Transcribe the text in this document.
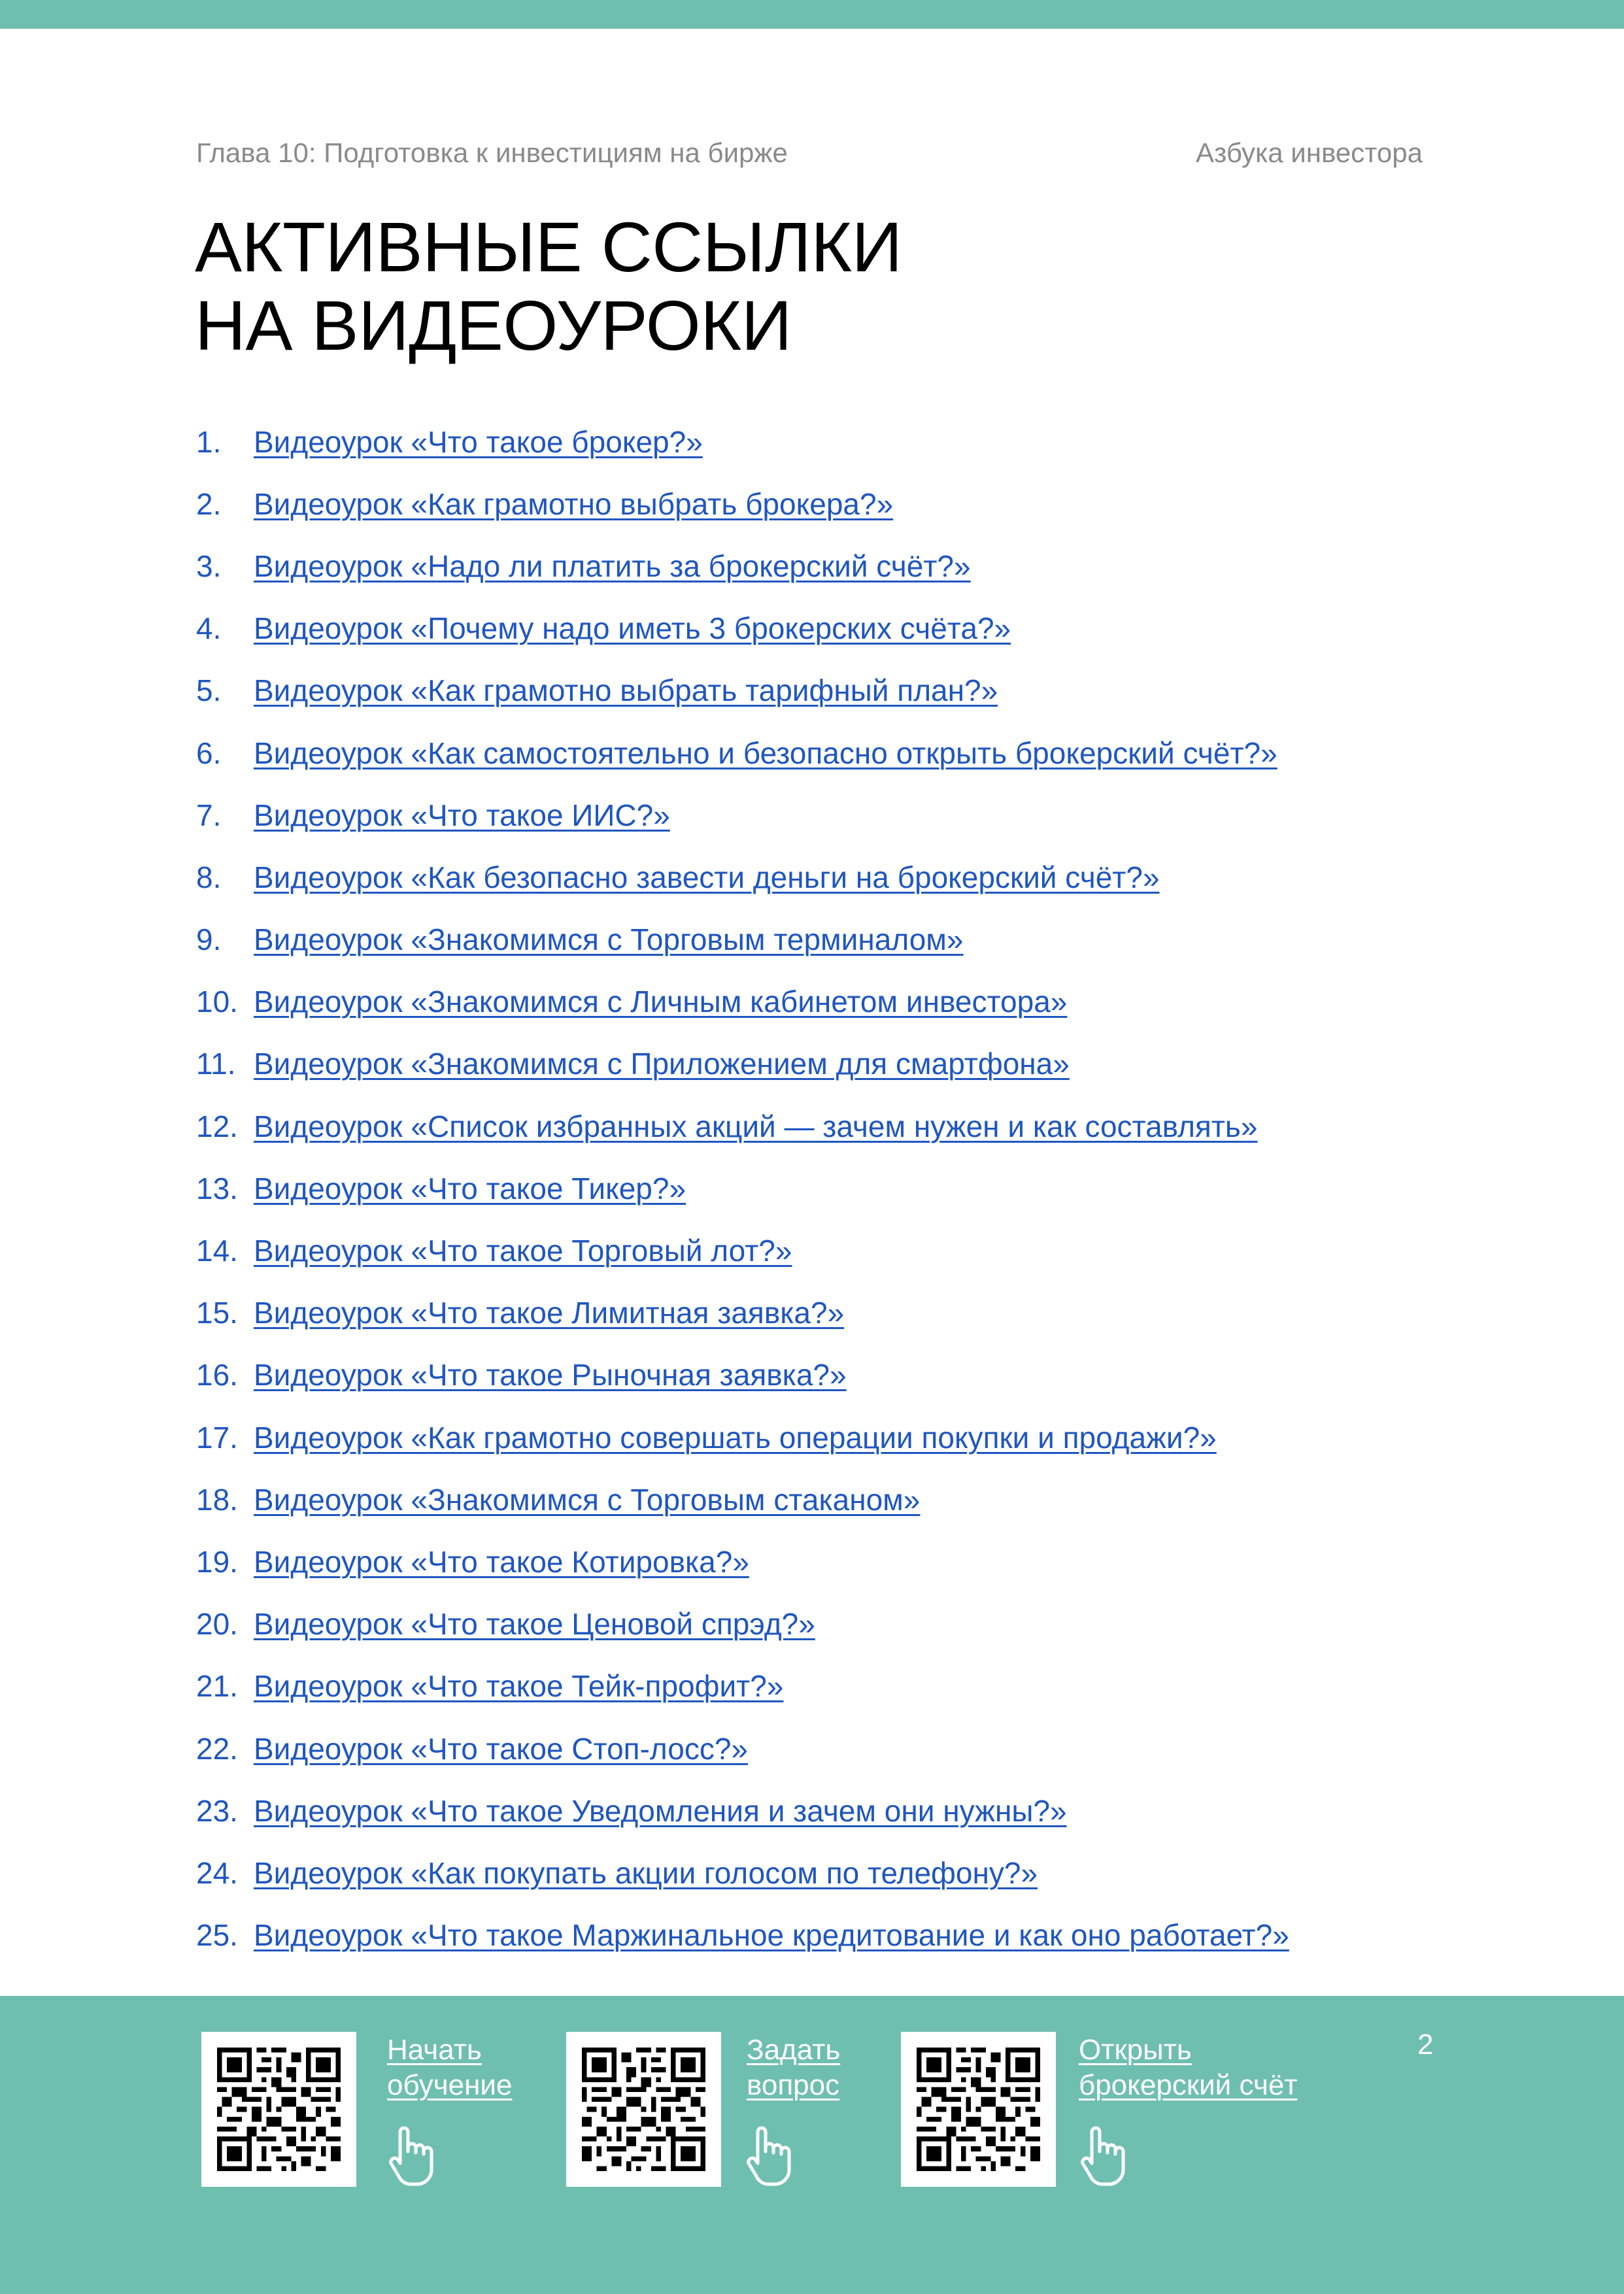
Глава 10: Подготовка к инвестициям на бирже	Азбука инвестора
АКТИВНЫЕ ССЫЛКИ
НА ВИДЕОУРОКИ
1.	Видеоурок «Что такое брокер?»
2.	Видеоурок «Как грамотно выбрать брокера?»
3.	Видеоурок «Надо ли платить за брокерский счёт?»
4.	Видеоурок «Почему надо иметь 3 брокерских счёта?»
5.	Видеоурок «Как грамотно выбрать тарифный план?»
6.	Видеоурок «Как самостоятельно и безопасно открыть брокерский счёт?»
7.	Видеоурок «Что такое ИИС?»
8.	Видеоурок «Как безопасно завести деньги на брокерский счёт?»
9.	Видеоурок «Знакомимся с Торговым терминалом»
10. Видеоурок «Знакомимся с Личным кабинетом инвестора»
11. Видеоурок «Знакомимся с Приложением для смартфона»
12. Видеоурок «Список избранных акций — зачем нужен и как составлять»
13. Видеоурок «Что такое Тикер?»
14. Видеоурок «Что такое Торговый лот?»
15. Видеоурок «Что такое Лимитная заявка?»
16. Видеоурок «Что такое Рыночная заявка?»
17. Видеоурок «Как грамотно совершать операции покупки и продажи?»
18. Видеоурок «Знакомимся с Торговым стаканом»
19. Видеоурок «Что такое Котировка?»
20. Видеоурок «Что такое Ценовой спрэд?»
21. Видеоурок «Что такое Тейк-профит?»
22. Видеоурок «Что такое Стоп-лосс?»
23. Видеоурок «Что такое Уведомления и зачем они нужны?»
24. Видеоурок «Как покупать акции голосом по телефону?»
25. Видеоурок «Что такое Маржинальное кредитование и как оно работает?»
Начать
обучение
Задать
вопрос
Открыть
брокерский счёт
2
